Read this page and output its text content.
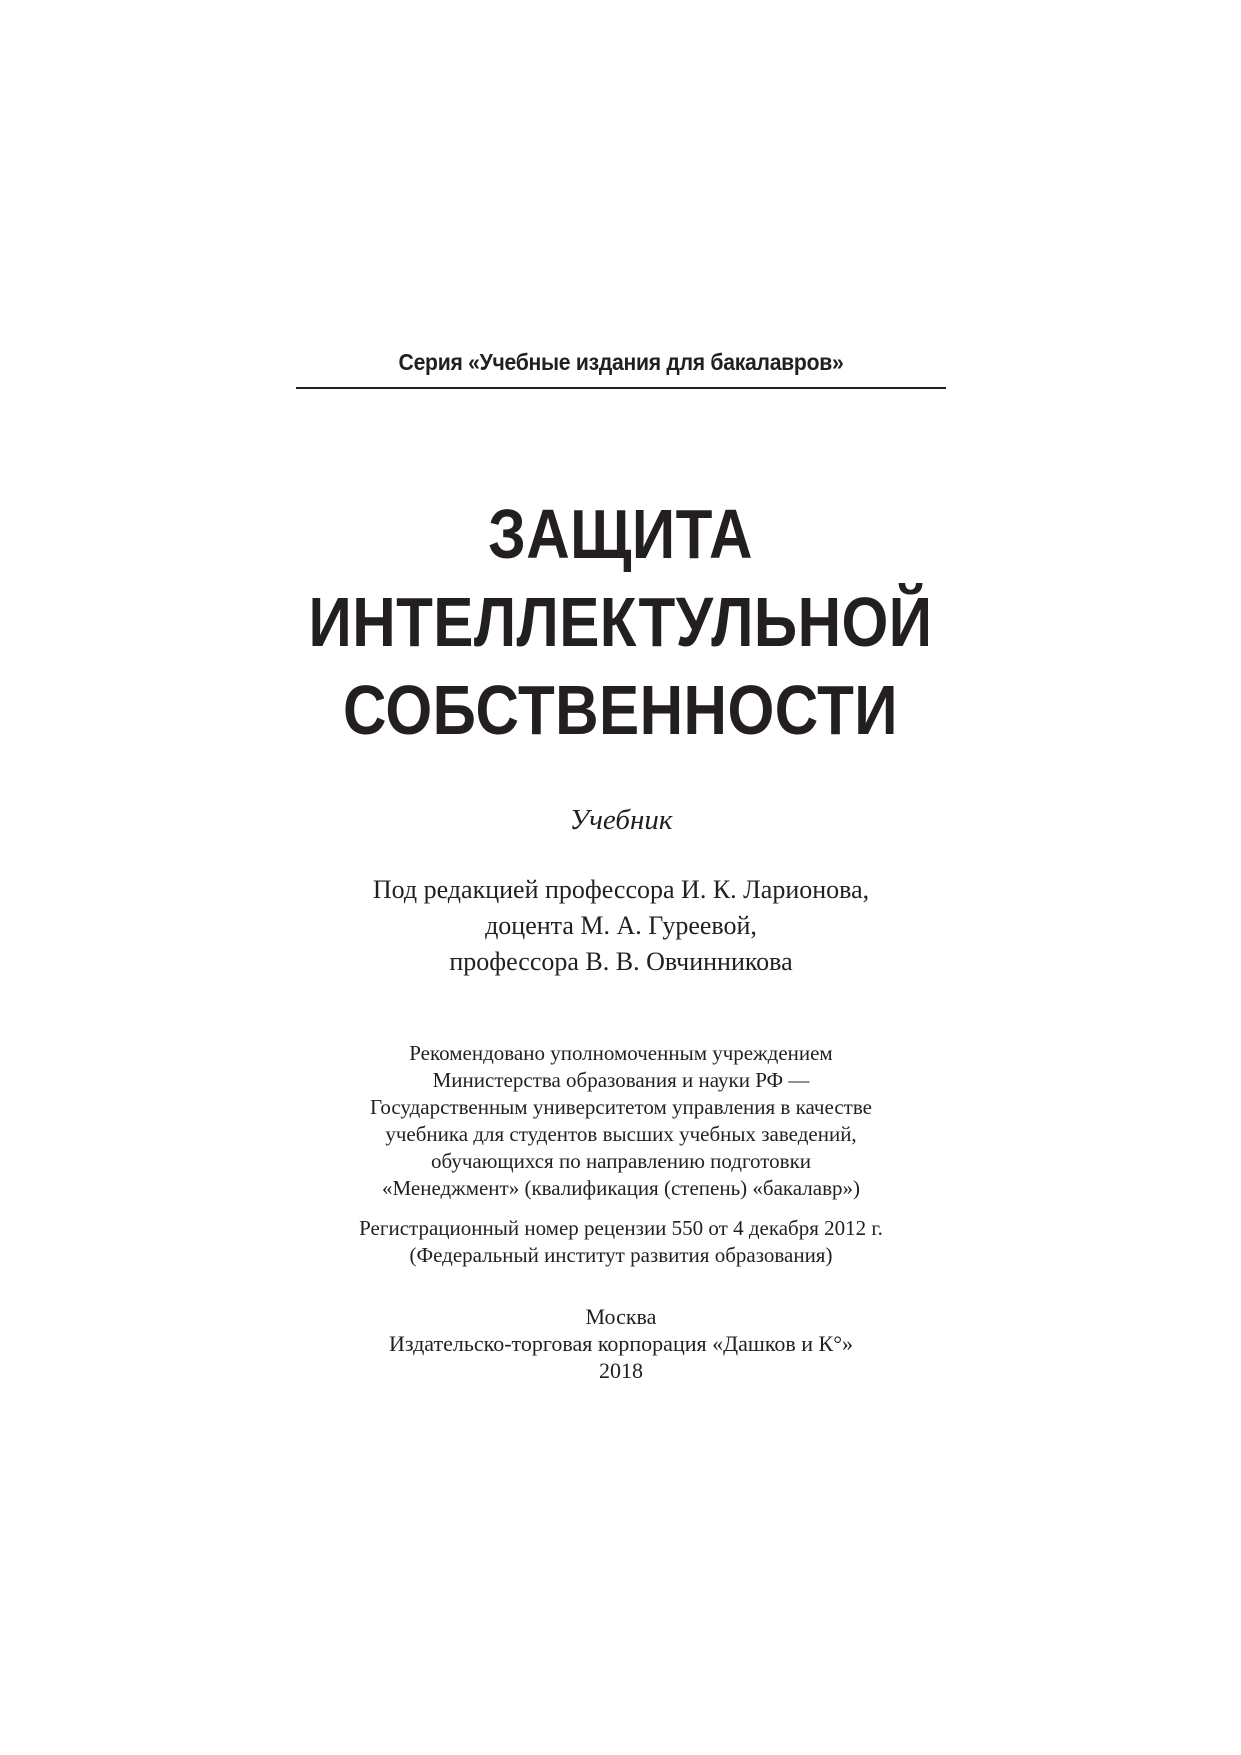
Серия «Учебные издания для бакалавров»
ЗАЩИТА
ИНТЕЛЛЕКТУЛЬНОЙ
СОБСТВЕННОСТИ
Учебник
Под редакцией профессора И. К. Ларионова,
доцента М. А. Гуреевой,
профессора В. В. Овчинникова
Рекомендовано уполномоченным учреждением
Министерства образования и науки РФ —
Государственным университетом управления в качестве
учебника для студентов высших учебных заведений,
обучающихся по направлению подготовки
«Менеджмент» (квалификация (степень) «бакалавр»)
Регистрационный номер рецензии 550 от 4 декабря 2012 г.
(Федеральный институт развития образования)
Москва
Издательско-торговая корпорация «Дашков и К°»
2018
